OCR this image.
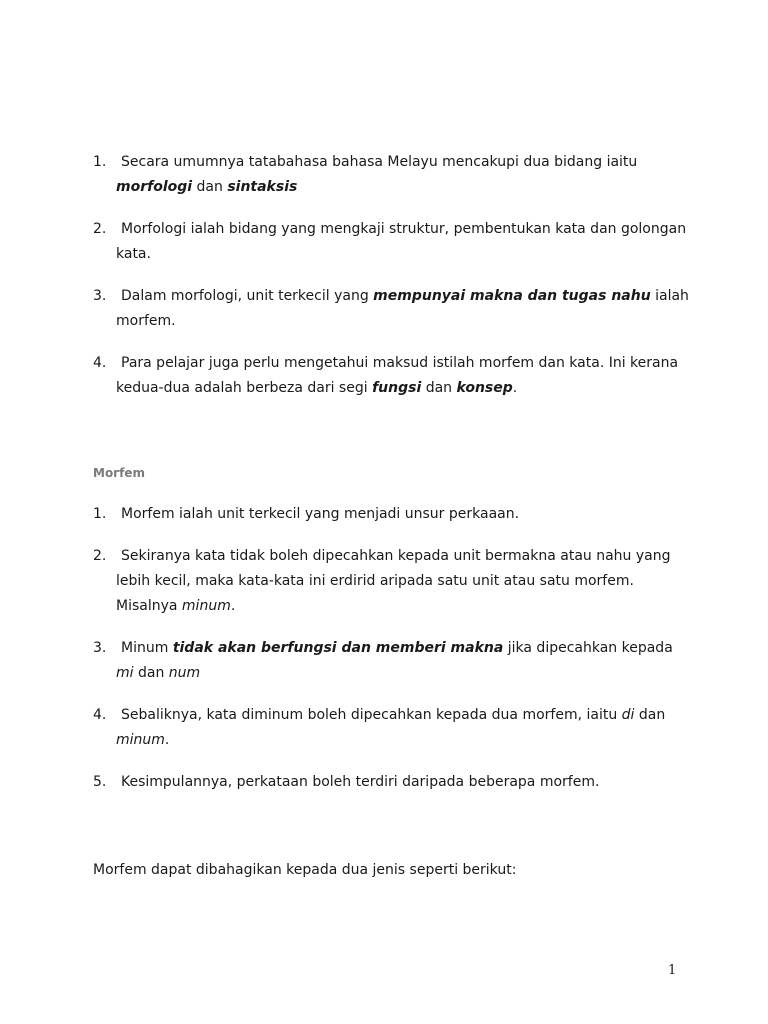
1.	Secara umumnya tatabahasa bahasa Melayu mencakupi dua bidang iaitu morfologi dan sintaksis
2.	Morfologi ialah bidang yang mengkaji struktur, pembentukan kata dan golongan kata.
3.	Dalam morfologi, unit terkecil yang mempunyai makna dan tugas nahu ialah morfem.
4.	Para pelajar juga perlu mengetahui maksud istilah morfem dan kata. Ini kerana kedua-dua adalah berbeza dari segi fungsi dan konsep.
Morfem
1.	Morfem ialah unit terkecil yang menjadi unsur perkaaan.
2.	Sekiranya kata tidak boleh dipecahkan kepada unit bermakna atau nahu yang lebih kecil, maka kata-kata ini erdirid aripada satu unit atau satu morfem. Misalnya minum.
3.	Minum tidak akan berfungsi dan memberi makna jika dipecahkan kepada mi dan num
4.	Sebaliknya, kata diminum boleh dipecahkan kepada dua morfem, iaitu di dan minum.
5.	Kesimpulannya, perkataan boleh terdiri daripada beberapa morfem.

Morfem dapat dibahagikan kepada dua jenis seperti berikut:

1
